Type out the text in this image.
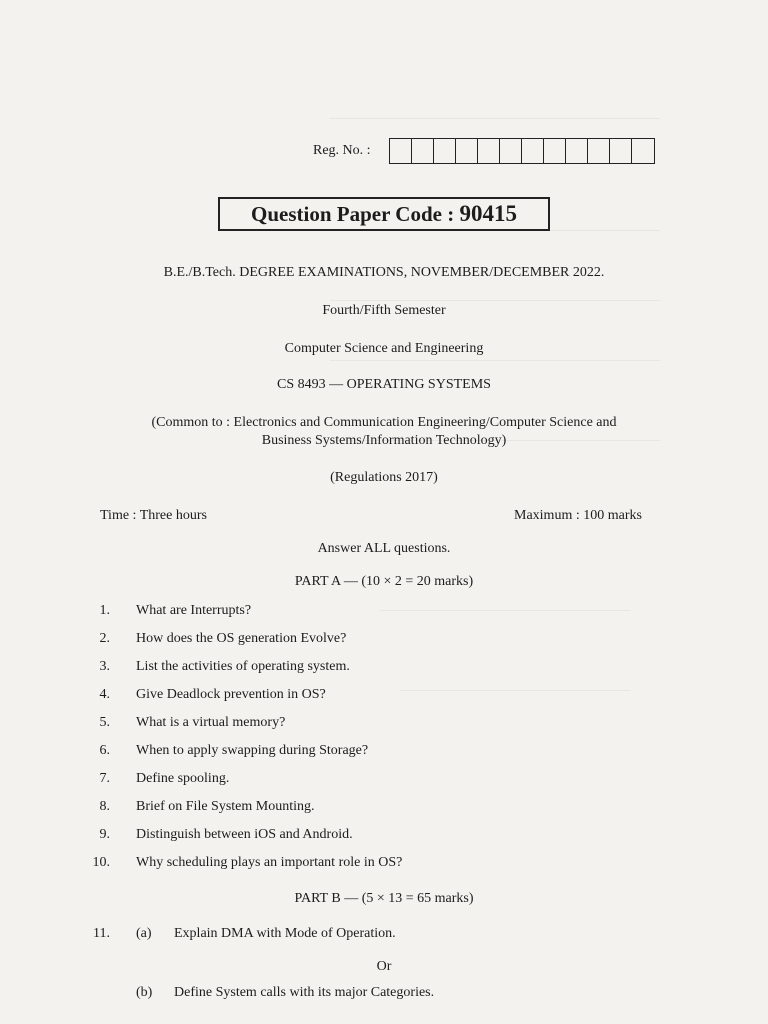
Reg. No. :
Question Paper Code : 90415
B.E./B.Tech. DEGREE EXAMINATIONS, NOVEMBER/DECEMBER 2022.
Fourth/Fifth Semester
Computer Science and Engineering
CS 8493 — OPERATING SYSTEMS
(Common to : Electronics and Communication Engineering/Computer Science and
Business Systems/Information Technology)
(Regulations 2017)
Time : Three hours	Maximum : 100 marks
Answer ALL questions.
PART A — (10 × 2 = 20 marks)
1. What are Interrupts?
2. How does the OS generation Evolve?
3. List the activities of operating system.
4. Give Deadlock prevention in OS?
5. What is a virtual memory?
6. When to apply swapping during Storage?
7. Define spooling.
8. Brief on File System Mounting.
9. Distinguish between iOS and Android.
10. Why scheduling plays an important role in OS?
PART B — (5 × 13 = 65 marks)
11. (a) Explain DMA with Mode of Operation.
Or
(b) Define System calls with its major Categories.
